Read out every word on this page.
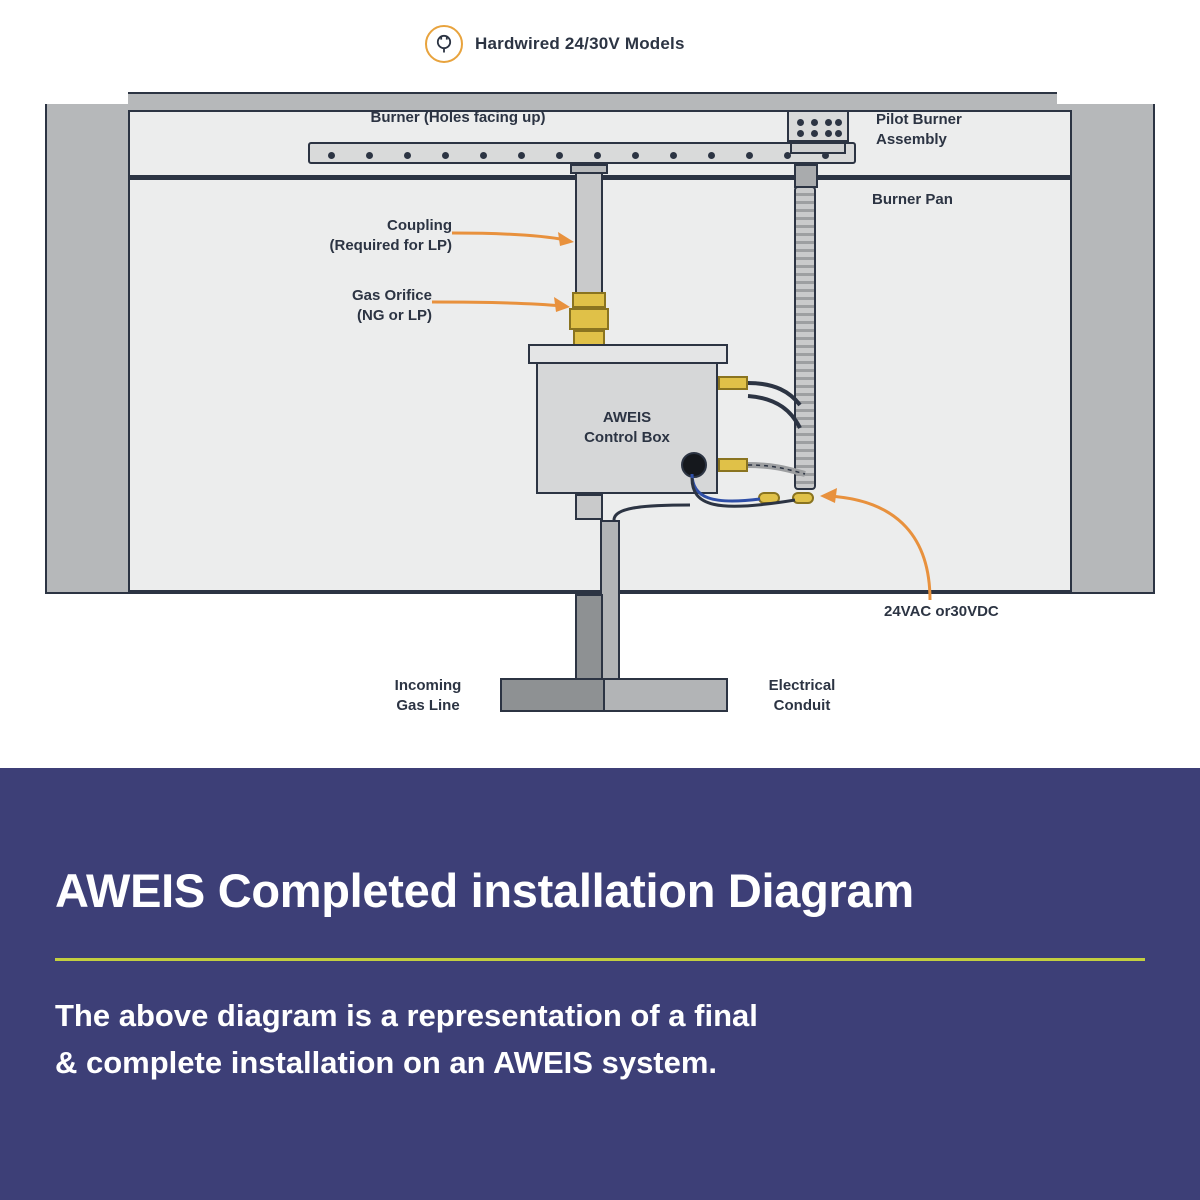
Hardwired 24/30V Models
AWEIS
Control Box
Burner (Holes facing up)	Pilot Burner
Assembly
Burner Pan
Coupling
(Required for LP)
Gas Orifice
(NG or LP)
24VAC or30VDC
Incoming
Gas Line
Electrical
Conduit
AWEIS Completed installation Diagram
The above diagram is a representation of a final
& complete installation on an AWEIS system.
